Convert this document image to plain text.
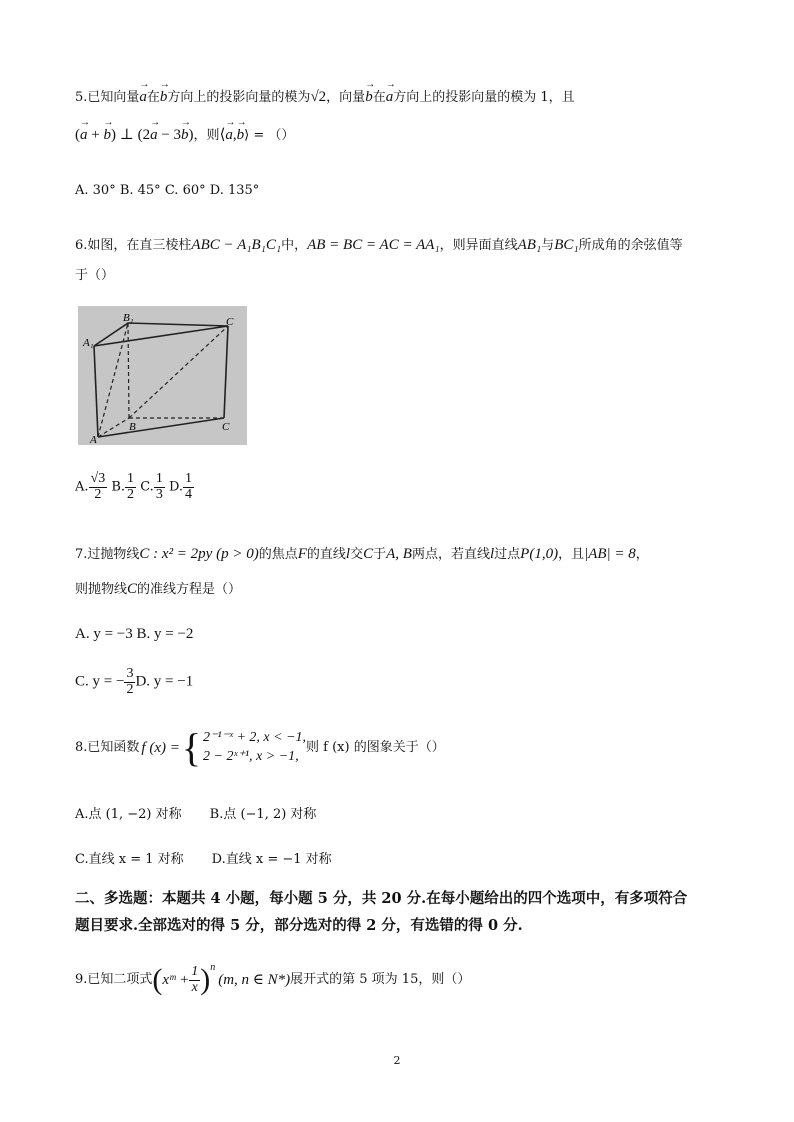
5.已知向量→ a在→ b方向上的投影向量的模为√2，向量→ b在→ a方向上的投影向量的模为 1，且
(→ a + → b) ⊥ (2→ a − 3→ b)，则⟨→ a,→ b⟩ = （）
A. 30° B. 45° C. 60° D. 135°
6.如图，在直三棱柱ABC − A₁B₁C₁中，AB = BC = AC = AA₁，则异面直线AB₁与BC₁所成角的余弦值等
于（）
A₁
B₁	C
A
B	C
A. $\frac{√3}{2} B$. $\frac{1}{2} C$. $\frac{1}{3} D$. $\frac{1}{4}$
7.过抛物线C : x² = 2py (p > 0)的焦点F的直线l交C于A, B两点，若直线l过点P(1,0)，且|AB| = 8，
则抛物线C的准线方程是（）
A. y = −3 B. y = −2
C. y = − $\frac{3}{2} D$. y = −1
8.已知函数 f (x) = { 2⁻¹⁻ˣ + 2, x < −1,
2 − 2ˣ⁺¹, x > −1,
则 f (x) 的图象关于（）
A.点 (1, −2) 对称 B.点 (−1, 2) 对称
C.直线 x = 1 对称 D.直线 x = −1 对称
二、多选题：本题共 4 小题，每小题 5 分，共 20 分.在每小题给出的四个选项中，有多项符合
题目要求.全部选对的得 5 分，部分选对的得 2 分，有选错的得 0 分.
9.已知二项式 ( xᵐ + $\frac{1}{x} )^n$
(m, n ∈ N*) 展开式的第 5 项为 15，则（）
2
